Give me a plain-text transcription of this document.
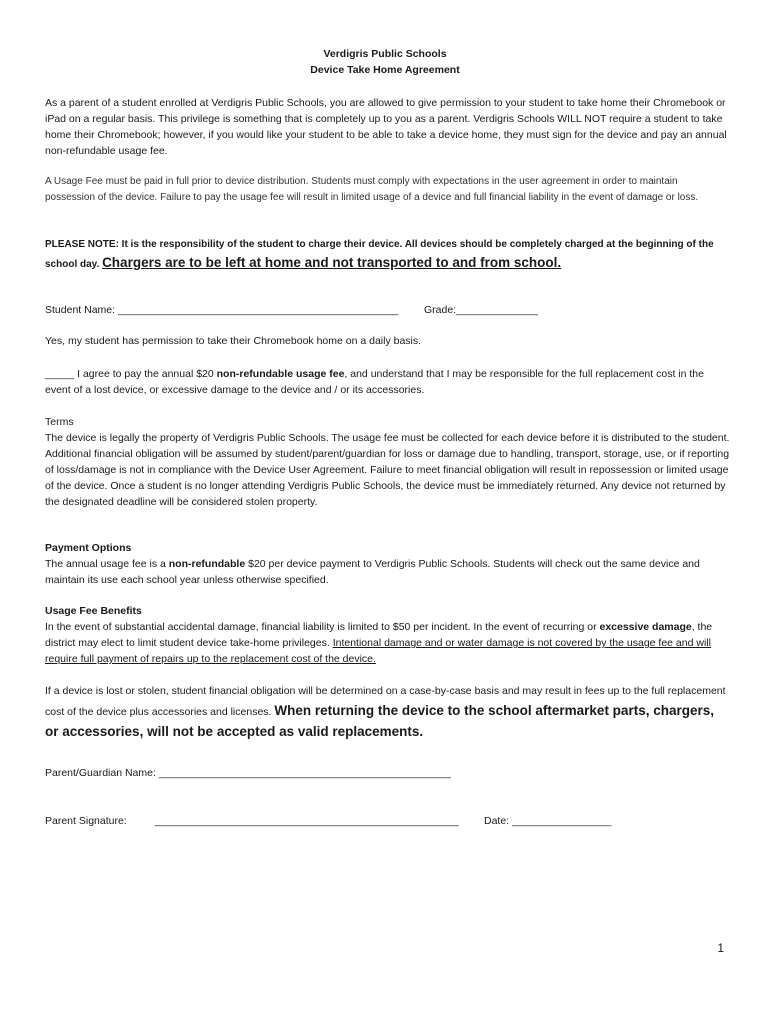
Verdigris Public Schools
Device Take Home Agreement
As a parent of a student enrolled at Verdigris Public Schools, you are allowed to give permission to your student to take home their Chromebook or iPad on a regular basis. This privilege is something that is completely up to you as a parent. Verdigris Schools WILL NOT require a student to take home their Chromebook; however, if you would like your student to be able to take a device home, they must sign for the device and pay an annual non-refundable usage fee.
A Usage Fee must be paid in full prior to device distribution. Students must comply with expectations in the user agreement in order to maintain possession of the device. Failure to pay the usage fee will result in limited usage of a device and full financial liability in the event of damage or loss.
PLEASE NOTE: It is the responsibility of the student to charge their device. All devices should be completely charged at the beginning of the school day. Chargers are to be left at home and not transported to and from school.
Student Name: ________________________________________________ Grade:______________
Yes, my student has permission to take their Chromebook home on a daily basis.
_____ I agree to pay the annual $20 non-refundable usage fee, and understand that I may be responsible for the full replacement cost in the event of a lost device, or excessive damage to the device and / or its accessories.
Terms
The device is legally the property of Verdigris Public Schools. The usage fee must be collected for each device before it is distributed to the student. Additional financial obligation will be assumed by student/parent/guardian for loss or damage due to handling, transport, storage, use, or if reporting of loss/damage is not in compliance with the Device User Agreement. Failure to meet financial obligation will result in repossession or limited usage of the device. Once a student is no longer attending Verdigris Public Schools, the device must be immediately returned. Any device not returned by the designated deadline will be considered stolen property.
Payment Options
The annual usage fee is a non-refundable $20 per device payment to Verdigris Public Schools. Students will check out the same device and maintain its use each school year unless otherwise specified.
Usage Fee Benefits
In the event of substantial accidental damage, financial liability is limited to $50 per incident. In the event of recurring or excessive damage, the district may elect to limit student device take-home privileges. Intentional damage and or water damage is not covered by the usage fee and will require full payment of repairs up to the replacement cost of the device.
If a device is lost or stolen, student financial obligation will be determined on a case-by-case basis and may result in fees up to the full replacement cost of the device plus accessories and licenses. When returning the device to the school aftermarket parts, chargers, or accessories, will not be accepted as valid replacements.
Parent/Guardian Name: __________________________________________________
Parent Signature:	____________________________________________________ Date: _________________
1
